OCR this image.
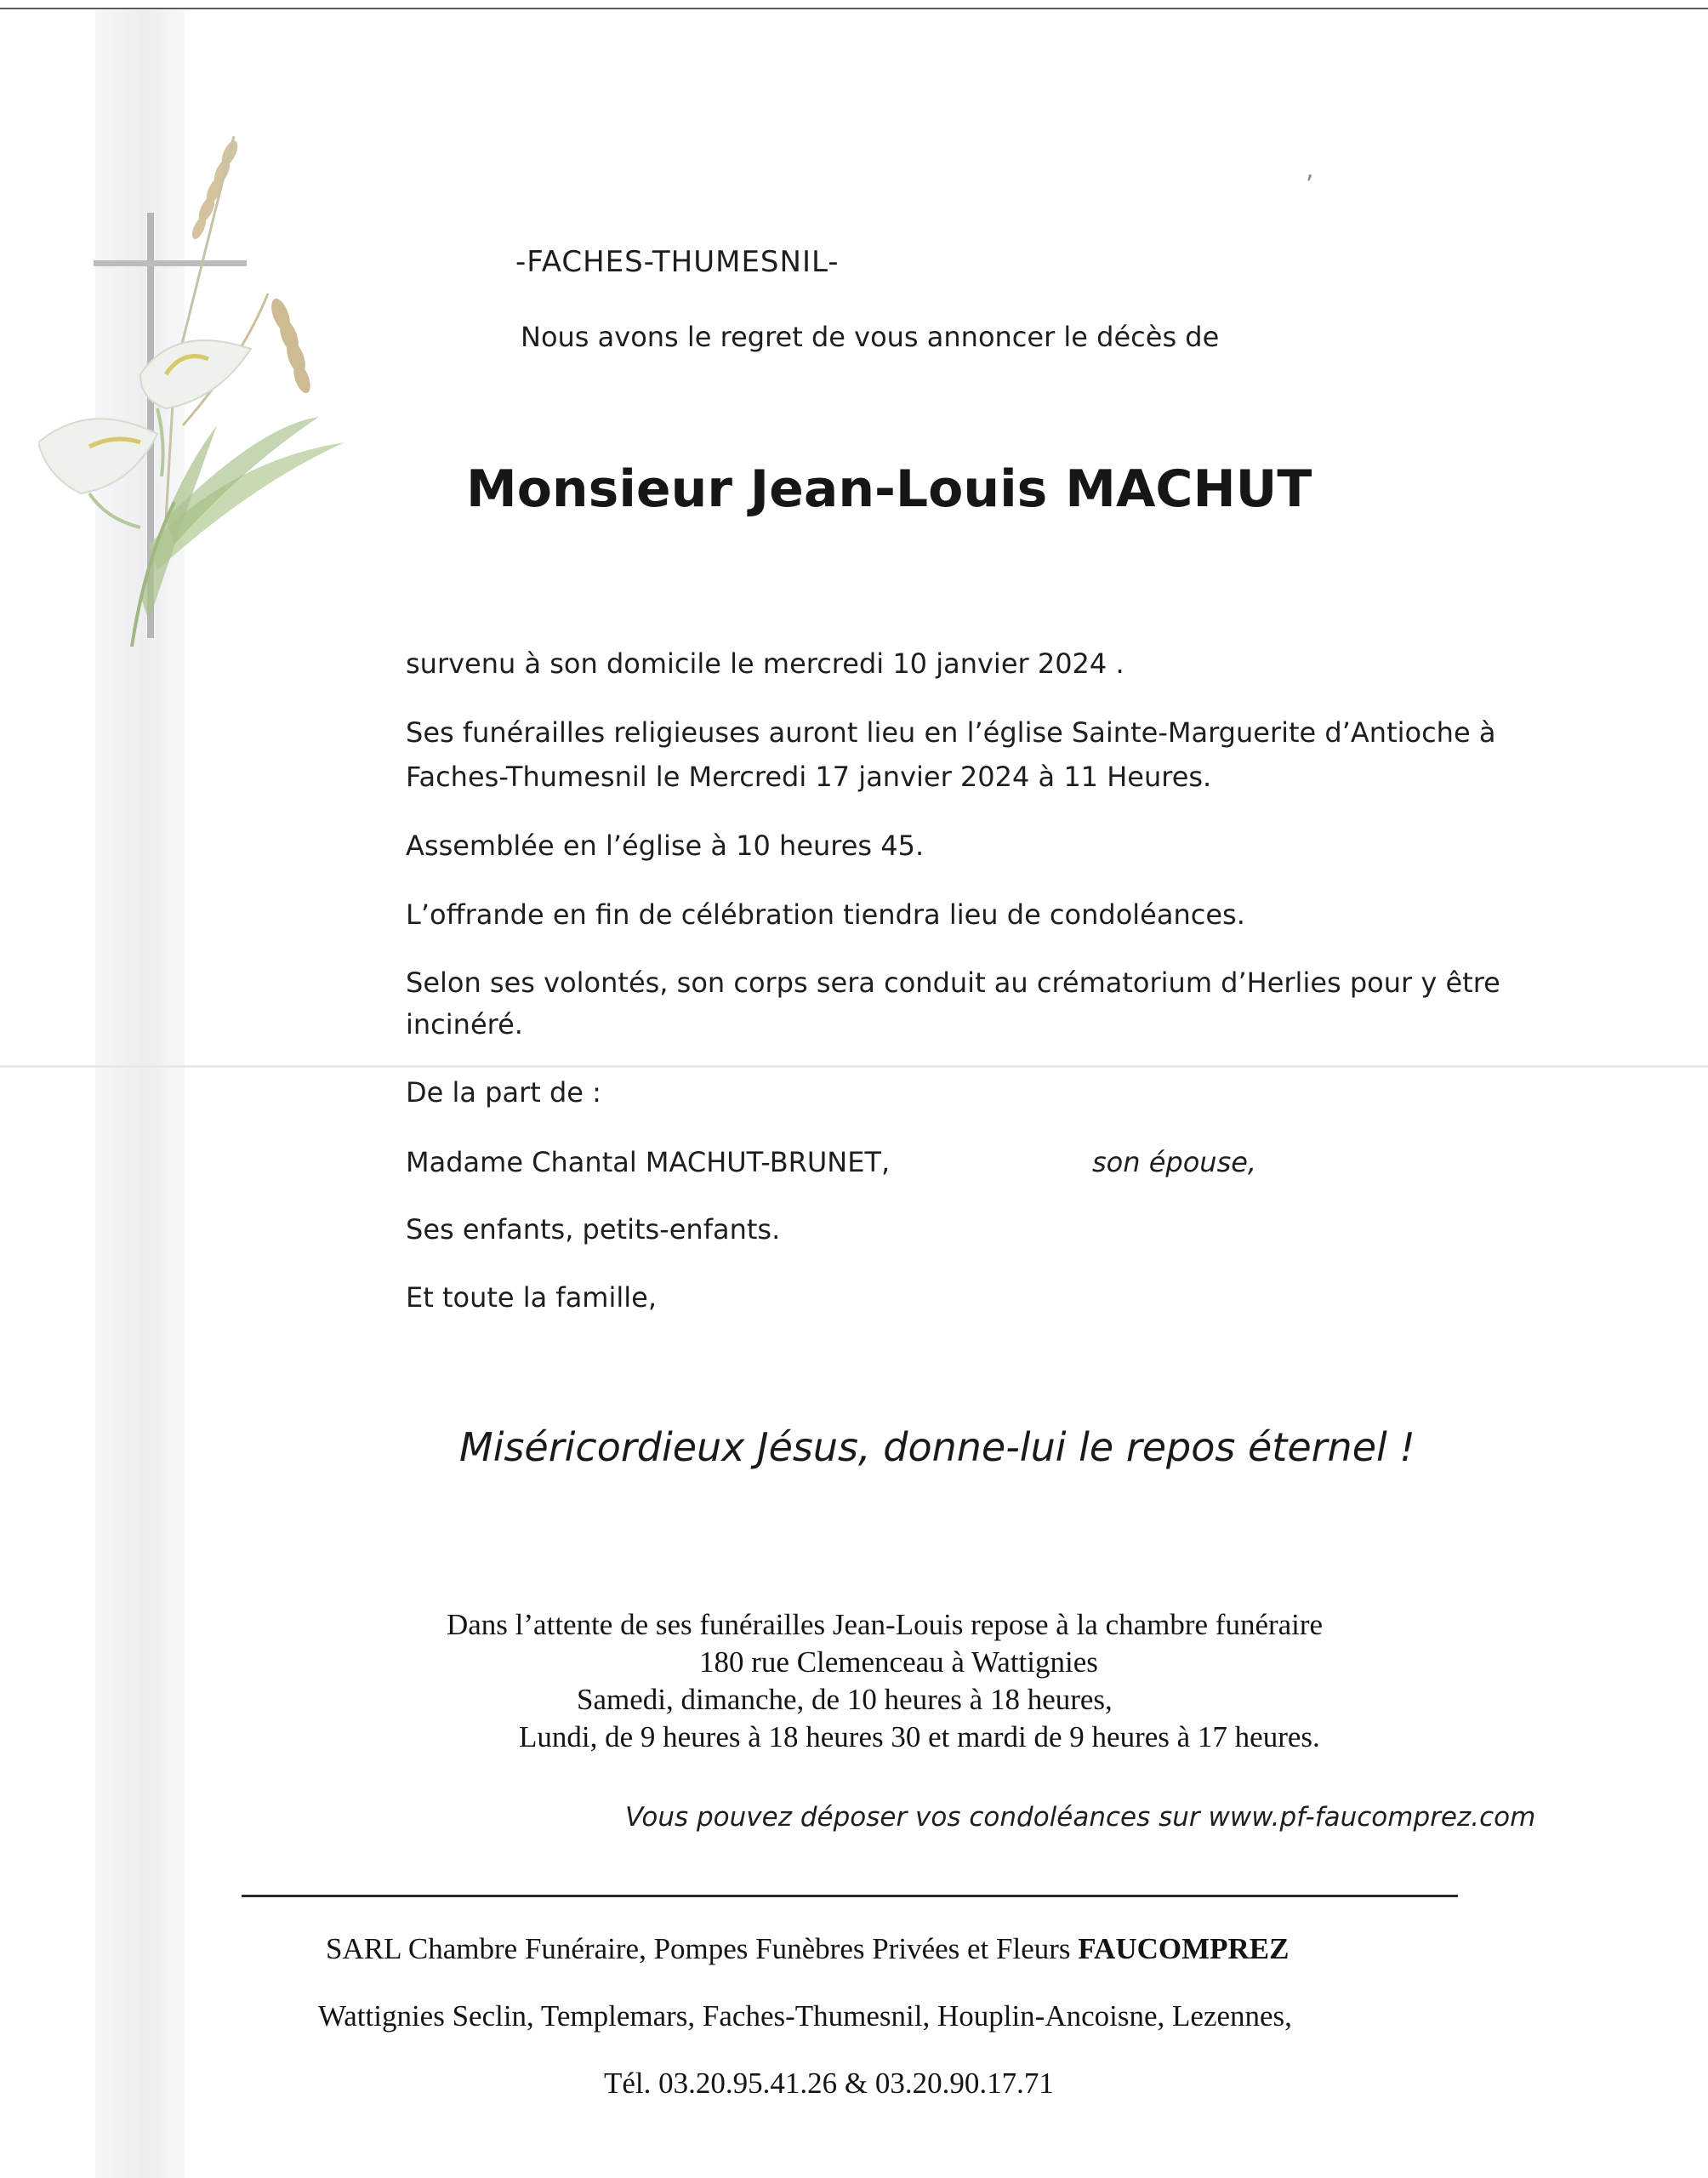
,
-FACHES-THUMESNIL-
Nous avons le regret de vous annoncer le décès de
Monsieur Jean-Louis MACHUT
survenu à son domicile le mercredi 10 janvier 2024 .
Ses funérailles religieuses auront lieu en l’église Sainte-Marguerite d’Antioche à
Faches-Thumesnil le Mercredi 17 janvier 2024 à 11 Heures.
Assemblée en l’église à 10 heures 45.
L’offrande en fin de célébration tiendra lieu de condoléances.
Selon ses volontés, son corps sera conduit au crématorium d’Herlies pour y être
incinéré.
De la part de :
Madame Chantal MACHUT-BRUNET,	son épouse,
Ses enfants, petits-enfants.
Et toute la famille,
Miséricordieux Jésus, donne-lui le repos éternel !
Dans l’attente de ses funérailles Jean-Louis repose à la chambre funéraire
180 rue Clemenceau à Wattignies
Samedi, dimanche, de 10 heures à 18 heures,
Lundi, de 9 heures à 18 heures 30 et mardi de 9 heures à 17 heures.
Vous pouvez déposer vos condoléances sur www.pf-faucomprez.com
SARL Chambre Funéraire, Pompes Funèbres Privées et Fleurs FAUCOMPREZ
Wattignies Seclin, Templemars, Faches-Thumesnil, Houplin-Ancoisne, Lezennes,
Tél. 03.20.95.41.26 & 03.20.90.17.71
